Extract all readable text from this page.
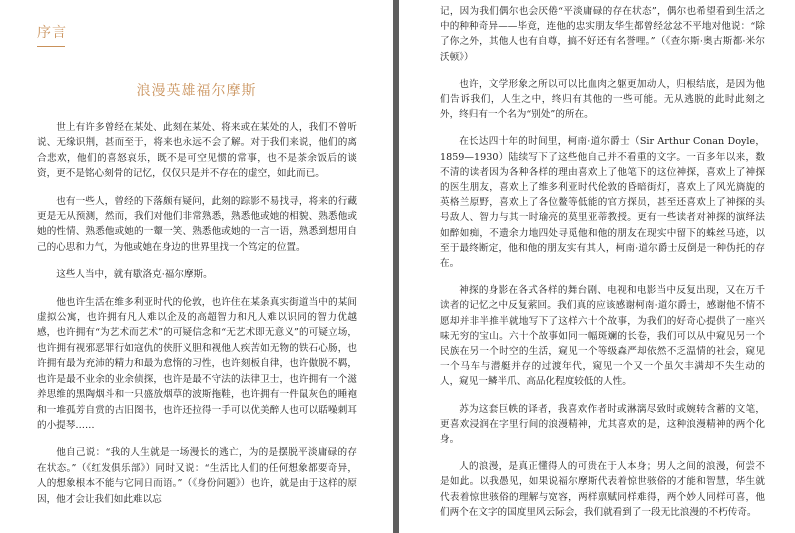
序言
浪漫英雄福尔摩斯

世上有许多曾经在某处、此刻在某处、将来或在某处的人，我们不曾听说、无缘识荆，甚而至于，将来也永远不会了解。对于我们来说，他们的离合悲欢，他们的喜怒哀乐，既不是可空见惯的常事，也不是茶余饭后的谈资，更不是铭心刻骨的记忆，仅仅只是并不存在的虚空，如此而已。

也有一些人，曾经的下落颇有疑问，此刻的踪影不易找寻，将来的行藏更是无从预测，然而，我们对他们非常熟悉，熟悉他或她的相貌、熟悉他或她的性情、熟悉他或她的一颦一笑、熟悉他或她的一言一语，熟悉到想用自己的心思和力气，为他或她在身边的世界里找一个笃定的位置。

这些人当中，就有歇洛克·福尔摩斯。

他也许生活在维多利亚时代的伦敦，也许住在某条真实街道当中的某间虚拟公寓，也许拥有凡人难以企及的高超智力和凡人难以识同的智力优越感，也许拥有“为艺术而艺术”的可疑信念和“无艺术即无意义”的可疑立场，也许拥有视邪恶罪行如寇仇的侠肝义胆和视他人疾苦如无物的铁石心肠，也许拥有最为充沛的精力和最为怠惰的习性，也许刻板自律，也许傲脱不羁，也许是最不业余的业余侦探，也许是最不守法的法律卫士，也许拥有一个滋养思维的黑陶烟斗和一只盛放烟草的波斯拖鞋，也许拥有一件鼠灰色的睡袍和一堆孤芳自赏的古旧图书，也许还拉得一手可以优美醉人也可以聒噪刺耳的小提琴……

他自己说：“我的人生就是一场漫长的逃亡，为的是摆脱平淡庸碌的存在状态。”（《红发俱乐部》）同时又说：“生活比人们的任何想象都要奇异，人的想象根本不能与它同日而语。”（《身份问题》）也许，就是由于这样的原因，他才会让我们如此难以忘

记，因为我们偶尔也会厌倦“平淡庸碌的存在状态”，偶尔也希望看到生活之中的种种奇异——毕竟，连他的忠实朋友华生都曾经忿忿不平地对他说：“除了你之外，其他人也有自尊，搞不好还有名誉哩。”（《查尔斯·奥古斯都·米尔沃顿》）

也许，文学形象之所以可以比血肉之躯更加动人，归根结底，是因为他们告诉我们，人生之中，终归有其他的一些可能。无从逃脱的此时此刻之外，终归有一个名为“别处”的所在。

在长达四十年的时间里，柯南·道尔爵士（Sir Arthur Conan Doyle，1859—1930）陆续写下了这些他自己并不看重的文字。一百多年以来，数不清的读者因为各种各样的理由喜欢上了他笔下的这位神探，喜欢上了神探的医生朋友，喜欢上了维多利亚时代伦敦的昏暗街灯，喜欢上了风光旖旎的英格兰原野，喜欢上了各位鳌等低能的官方探员，甚至还喜欢上了神探的头号敌人、智力与其一时瑜亮的莫里亚蒂教授。更有一些读者对神探的演绎法如醉如痴，不遗余力地四处寻觅他和他的朋友在现实中留下的蛛丝马迹，以至于最终断定，他和他的朋友实有其人，柯南·道尔爵士反倒是一种伪托的存在。

神探的身影在各式各样的舞台剧、电视和电影当中反复出现，又在万千读者的记忆之中反复萦回。我们真的应该感谢柯南·道尔爵士，感谢他不情不愿却并非半推半就地写下了这样六十个故事，为我们的好奇心提供了一座兴味无穷的宝山。六十个故事如同一幅斑斓的长卷，我们可以从中窥见另一个民族在另一个时空的生活，窥见一个等级森严却依然不乏温情的社会，窥见一个马车与潜艇并存的过渡年代，窥见一个又一个虽欠丰满却不失生动的人，窥见一鳞半爪、高品化程度较低的人性。

苏为这套巨帙的译者，我喜欢作者时或淋漓尽致时或婉转含蓄的文笔，更喜欢浸润在字里行间的浪漫精神，尤其喜欢的是，这种浪漫精神的两个化身。

人的浪漫，是真正懂得人的可贵在于人本身；男人之间的浪漫，何尝不是如此。以我愚见，如果说福尔摩斯代表着惊世骇俗的才能和智慧，华生就代表着惊世骇俗的理解与宽容，两样禀赋同样难得，两个妙人同样可喜，他们两个在文字的国度里风云际会，我们就看到了一段无比浪漫的不朽传奇。
